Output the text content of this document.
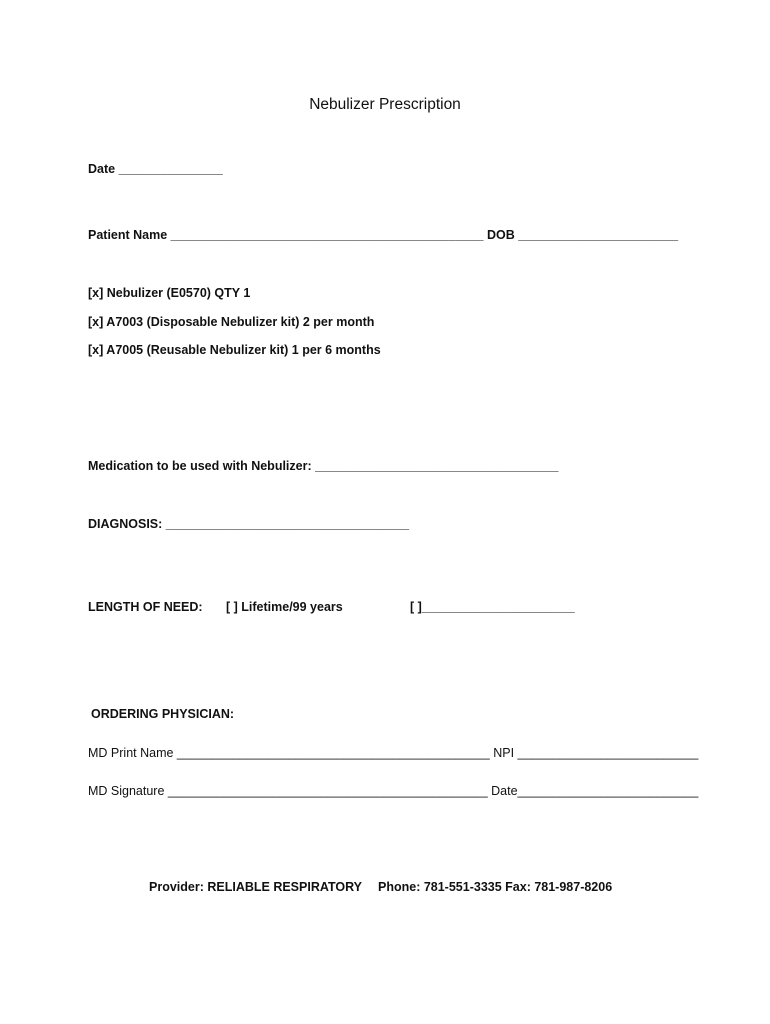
Nebulizer Prescription
Date _______________
Patient Name _____________________________________________ DOB _______________________
[x] Nebulizer (E0570) QTY 1
[x] A7003 (Disposable Nebulizer kit) 2 per month
[x] A7005 (Reusable Nebulizer kit) 1 per 6 months
Medication to be used with Nebulizer: ___________________________________
DIAGNOSIS: ___________________________________
LENGTH OF NEED: [ ] Lifetime/99 years	[ ]______________________
ORDERING PHYSICIAN:
MD Print Name _____________________________________________ NPI __________________________
MD Signature ______________________________________________ Date__________________________
Provider: RELIABLE RESPIRATORY Phone: 781-551-3335 Fax: 781-987-8206
